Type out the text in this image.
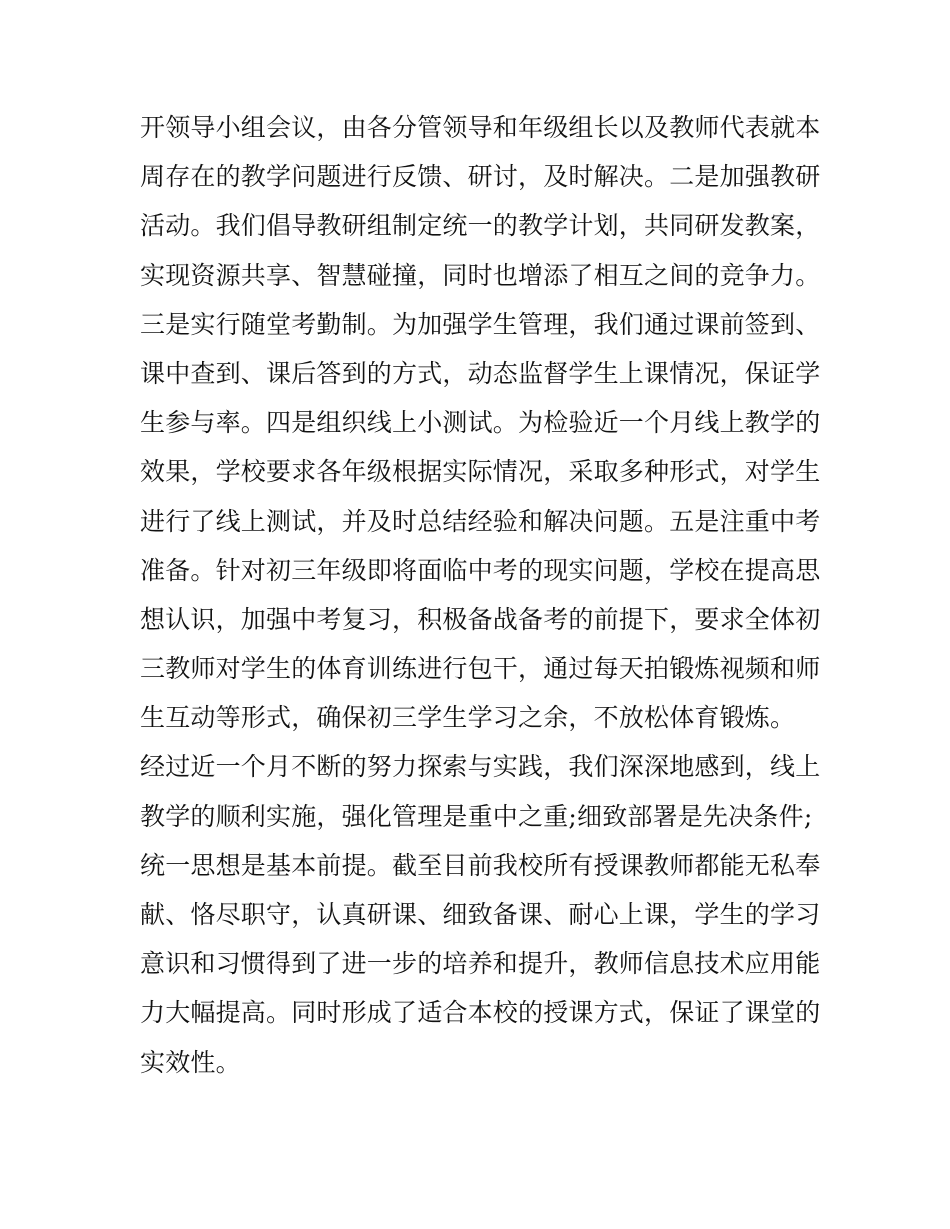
开领导小组会议，由各分管领导和年级组长以及教师代表就本
周存在的教学问题进行反馈、研讨，及时解决。二是加强教研
活动。我们倡导教研组制定统一的教学计划，共同研发教案，
实现资源共享、智慧碰撞，同时也增添了相互之间的竞争力。
三是实行随堂考勤制。为加强学生管理，我们通过课前签到、
课中查到、课后答到的方式，动态监督学生上课情况，保证学
生参与率。四是组织线上小测试。为检验近一个月线上教学的
效果，学校要求各年级根据实际情况，采取多种形式，对学生
进行了线上测试，并及时总结经验和解决问题。五是注重中考
准备。针对初三年级即将面临中考的现实问题，学校在提高思
想认识，加强中考复习，积极备战备考的前提下，要求全体初
三教师对学生的体育训练进行包干，通过每天拍锻炼视频和师
生互动等形式，确保初三学生学习之余，不放松体育锻炼。
经过近一个月不断的努力探索与实践，我们深深地感到，线上
教学的顺利实施，强化管理是重中之重;细致部署是先决条件;
统一思想是基本前提。截至目前我校所有授课教师都能无私奉
献、恪尽职守，认真研课、细致备课、耐心上课，学生的学习
意识和习惯得到了进一步的培养和提升，教师信息技术应用能
力大幅提高。同时形成了适合本校的授课方式，保证了课堂的
实效性。
